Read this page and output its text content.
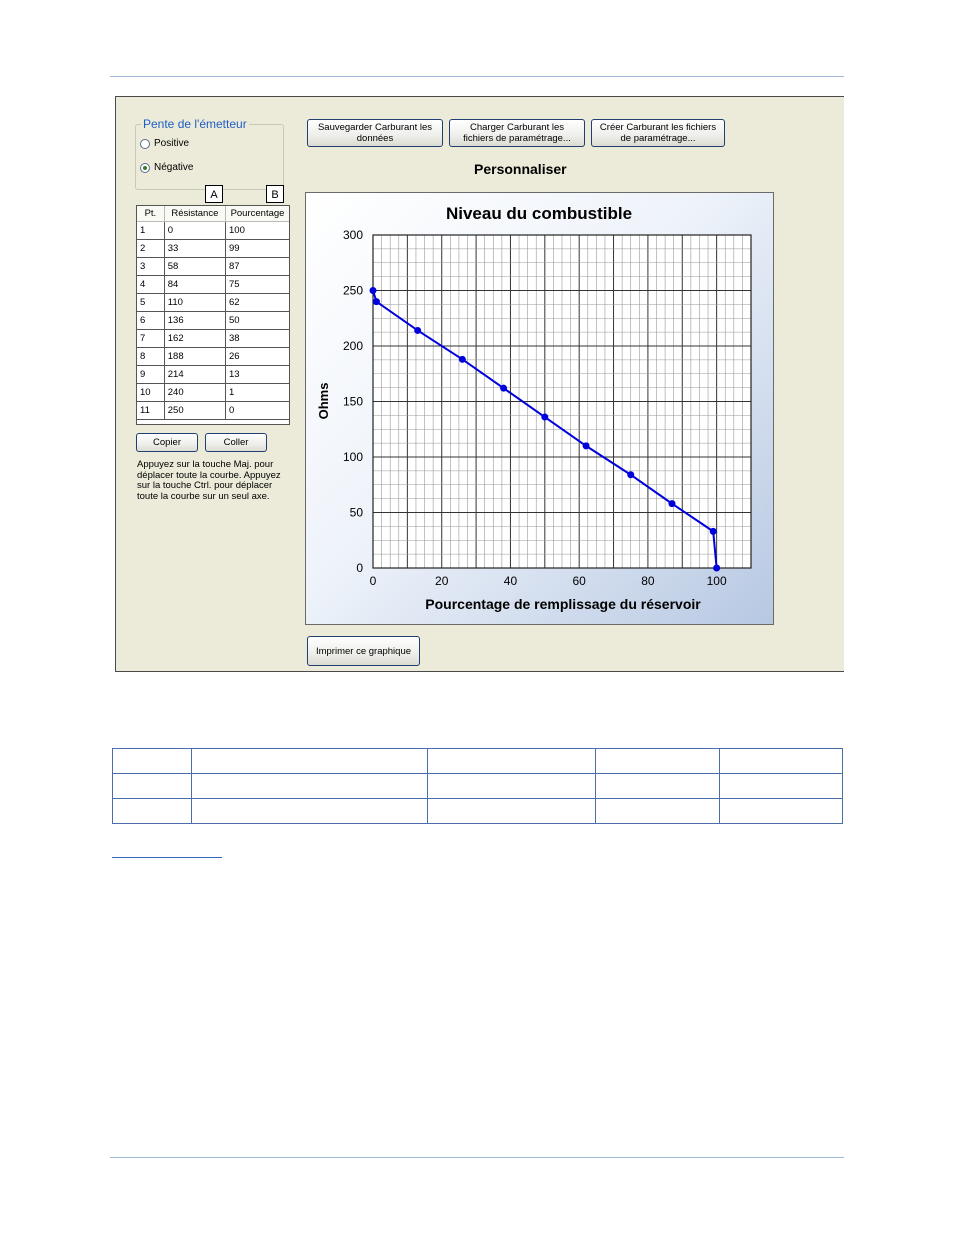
Pente de l'émetteur
Positive
Négative
A	B
Pt.	Résistance	Pourcentage
1	0	100
2	33	99
3	58	87
4	84	75
5	110	62
6	136	50
7	162	38
8	188	26
9	214	13
10	240	1
11	250	0
Copier	Coller
Appuyez sur la touche Maj. pour déplacer toute la courbe. Appuyez sur la touche Ctrl. pour déplacer toute la courbe sur un seul axe.
Sauvegarder Carburant les données
Charger Carburant les fichiers de paramétrage...
Créer Carburant les fichiers de paramétrage...
Personnaliser
Niveau du combustible
Pourcentage de remplissage du réservoir
Ohms
0	20	40	60	80	100
0
50
100
150
200
250
300
Imprimer ce graphique
